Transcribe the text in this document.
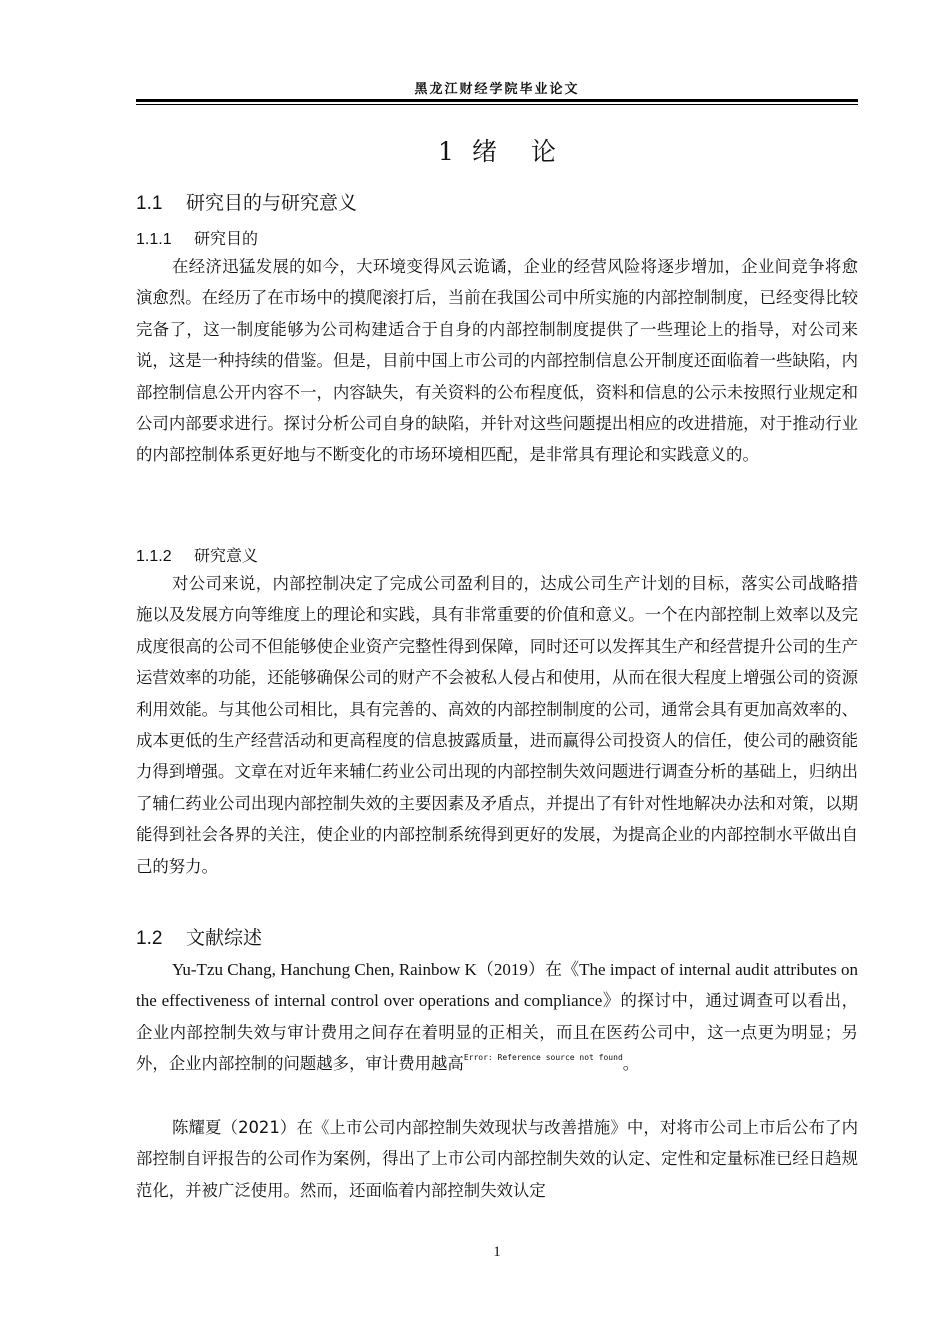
黑龙江财经学院毕业论文
1 绪 论
1.1 研究目的与研究意义
1.1.1 研究目的

在经济迅猛发展的如今，大环境变得风云诡谲，企业的经营风险将逐步增加，企业间竞争将愈演愈烈。在经历了在市场中的摸爬滚打后，当前在我国公司中所实施的内部控制制度，已经变得比较完备了，这一制度能够为公司构建适合于自身的内部控制制度提供了一些理论上的指导，对公司来说，这是一种持续的借鉴。但是，目前中国上市公司的内部控制信息公开制度还面临着一些缺陷，内部控制信息公开内容不一，内容缺失，有关资料的公布程度低，资料和信息的公示未按照行业规定和公司内部要求进行。探讨分析公司自身的缺陷，并针对这些问题提出相应的改进措施，对于推动行业的内部控制体系更好地与不断变化的市场环境相匹配，是非常具有理论和实践意义的。

1.1.2 研究意义

对公司来说，内部控制决定了完成公司盈利目的，达成公司生产计划的目标，落实公司战略措施以及发展方向等维度上的理论和实践，具有非常重要的价值和意义。一个在内部控制上效率以及完成度很高的公司不但能够使企业资产完整性得到保障，同时还可以发挥其生产和经营提升公司的生产运营效率的功能，还能够确保公司的财产不会被私人侵占和使用，从而在很大程度上增强公司的资源利用效能。与其他公司相比，具有完善的、高效的内部控制制度的公司，通常会具有更加高效率的、成本更低的生产经营活动和更高程度的信息披露质量，进而赢得公司投资人的信任，使公司的融资能力得到增强。文章在对近年来辅仁药业公司出现的内部控制失效问题进行调查分析的基础上，归纳出了辅仁药业公司出现内部控制失效的主要因素及矛盾点，并提出了有针对性地解决办法和对策，以期能得到社会各界的关注，使企业的内部控制系统得到更好的发展，为提高企业的内部控制水平做出自己的努力。

1.2 文献综述

Yu-Tzu Chang, Hanchung Chen, Rainbow K（2019）在《The impact of internal audit attributes on the effectiveness of internal control over operations and compliance》的探讨中，通过调查可以看出，企业内部控制失效与审计费用之间存在着明显的正相关，而且在医药公司中，这一点更为明显；另外，企业内部控制的问题越多，审计费用越高$^{Error: Reference source not found}$。

陈耀夏（2021）在《上市公司内部控制失效现状与改善措施》中，对将市公司上市后公布了内部控制自评报告的公司作为案例，得出了上市公司内部控制失效的认定、定性和定量标准已经日趋规范化，并被广泛使用。然而，还面临着内部控制失效认定

1
